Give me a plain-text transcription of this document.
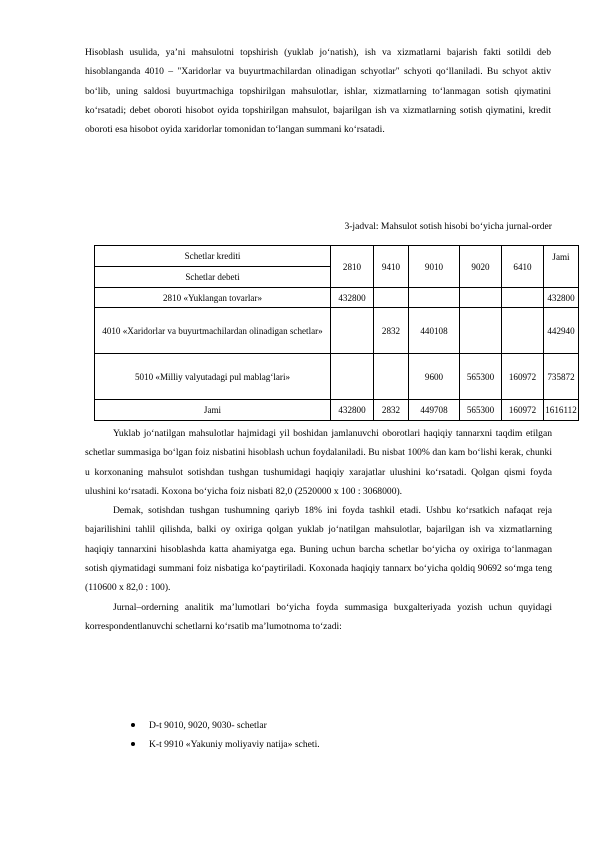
Hisoblash usulida, ya’ni mahsulotni topshirish (yuklab jo‘natish), ish va xizmatlarni bajarish fakti sotildi deb hisoblanganda 4010 – "Xaridorlar va buyurtmachilardan olinadigan schyotlar" schyoti qo‘llaniladi. Bu schyot aktiv bo‘lib, uning saldosi buyurtmachiga topshirilgan mahsulotlar, ishlar, xizmatlarning to‘lanmagan sotish qiymatini ko‘rsatadi; debet oboroti hisobot oyida topshirilgan mahsulot, bajarilgan ish va xizmatlarning sotish qiymatini, kredit oboroti esa hisobot oyida xaridorlar tomonidan to‘langan summani ko‘rsatadi.

3-jadval: Mahsulot sotish hisobi bo‘yicha jurnal-order
Schetlar krediti	2810	9410	9010	9020	6410	Jami
Schetlar debeti						
2810 «Yuklangan tovarlar»	432800					432800
4010 «Xaridorlar va buyurtmachilardan olinadigan schetlar»		2832	440108			442940
5010 «Milliy valyutadagi pul mablag‘lari»			9600	565300	160972	735872
Jami	432800	2832	449708	565300	160972	1616112

Yuklab jo‘natilgan mahsulotlar hajmidagi yil boshidan jamlanuvchi oborotlari haqiqiy tannarxni taqdim etilgan schetlar summasiga bo‘lgan foiz nisbatini hisoblash uchun foydalaniladi. Bu nisbat 100% dan kam bo‘lishi kerak, chunki u korxonaning mahsulot sotishdan tushgan tushumidagi haqiqiy xarajatlar ulushini ko‘rsatadi. Qolgan qismi foyda ulushini ko‘rsatadi. Koxona bo‘yicha foiz nisbati 82,0 (2520000 x 100 : 3068000).

Demak, sotishdan tushgan tushumning qariyb 18% ini foyda tashkil etadi. Ushbu ko‘rsatkich nafaqat reja bajarilishini tahlil qilishda, balki oy oxiriga qolgan yuklab jo‘natilgan mahsulotlar, bajarilgan ish va xizmatlarning haqiqiy tannarxini hisoblashda katta ahamiyatga ega. Buning uchun barcha schetlar bo‘yicha oy oxiriga to‘lanmagan sotish qiymatidagi summani foiz nisbatiga ko‘paytiriladi. Koxonada haqiqiy tannarx bo‘yicha qoldiq 90692 so‘mga teng (110600 x 82,0 : 100).

Jurnal–orderning analitik ma’lumotlari bo‘yicha foyda summasiga buxgalteriyada yozish uchun quyidagi korrespondentlanuvchi schetlarni ko‘rsatib ma’lumotnoma to‘zadi:

D-t 9010, 9020, 9030- schetlar
K-t 9910 «Yakuniy moliyaviy natija» scheti.
